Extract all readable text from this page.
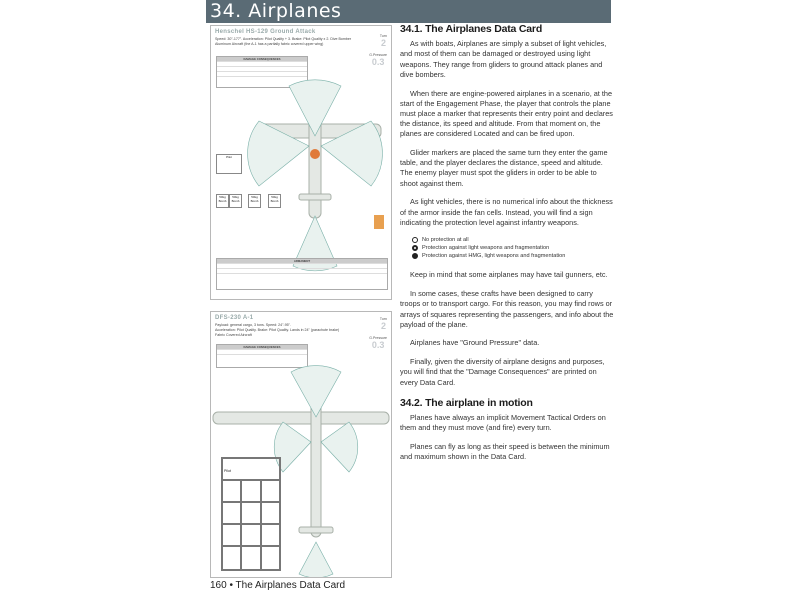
34. Airplanes
Henschel HS-129 Ground Attack
Speed: 30"-177". Acceleration: Pilot Quality + 3. Brake: Pilot Quality x 2. Dive Bomber
Aluminum Aircraft (the A-1 has a partially fabric covered upper wing)
Turn
2
G.Pressure
0.3
DAMAGE CONSEQUENCES
Pilot
50kg Bomb
50kg Bomb
50kg Bomb
50kg Bomb
ARMAMENT
DFS-230 A-1
Payload: general cargo, 3 tons. Speed: 24"-95".
Acceleration: Pilot Quality. Brake: Pilot Quality. Lands in 24" (parachute brake)
Fabric Covered Aircraft
Turn
2
G.Pressure
0.3
DAMAGE CONSEQUENCES
Pilot
34.1. The Airplanes Data Card

As with boats, Airplanes are simply a subset of light vehicles, and most of them can be damaged or destroyed using light weapons. They range from gliders to ground attack planes and dive bombers.

When there are engine-powered airplanes in a scenario, at the start of the Engagement Phase, the player that controls the plane must place a marker that represents their entry point and declares the distance, its speed and altitude. From that moment on, the planes are considered Located and can be fired upon.

Glider markers are placed the same turn they enter the game table, and the player declares the distance, speed and altitude. The enemy player must spot the gliders in order to be able to shoot against them.

As light vehicles, there is no numerical info about the thickness of the armor inside the fan cells. Instead, you will find a sign indicating the protection level against infantry weapons.

No protection at all
Protection against light weapons and fragmentation
Protection against HMG, light weapons and fragmentation

Keep in mind that some airplanes may have tail gunners, etc.

In some cases, these crafts have been designed to carry troops or to transport cargo. For this reason, you may find rows or arrays of squares representing the passengers, and info about the payload of the plane.

Airplanes have "Ground Pressure" data.

Finally, given the diversity of airplane designs and purposes, you will find that the "Damage Consequences" are printed on every Data Card.

34.2. The airplane in motion

Planes have always an implicit Movement Tactical Orders on them and they must move (and fire) every turn.

Planes can fly as long as their speed is between the minimum and maximum shown in the Data Card.

160 • The Airplanes Data Card
